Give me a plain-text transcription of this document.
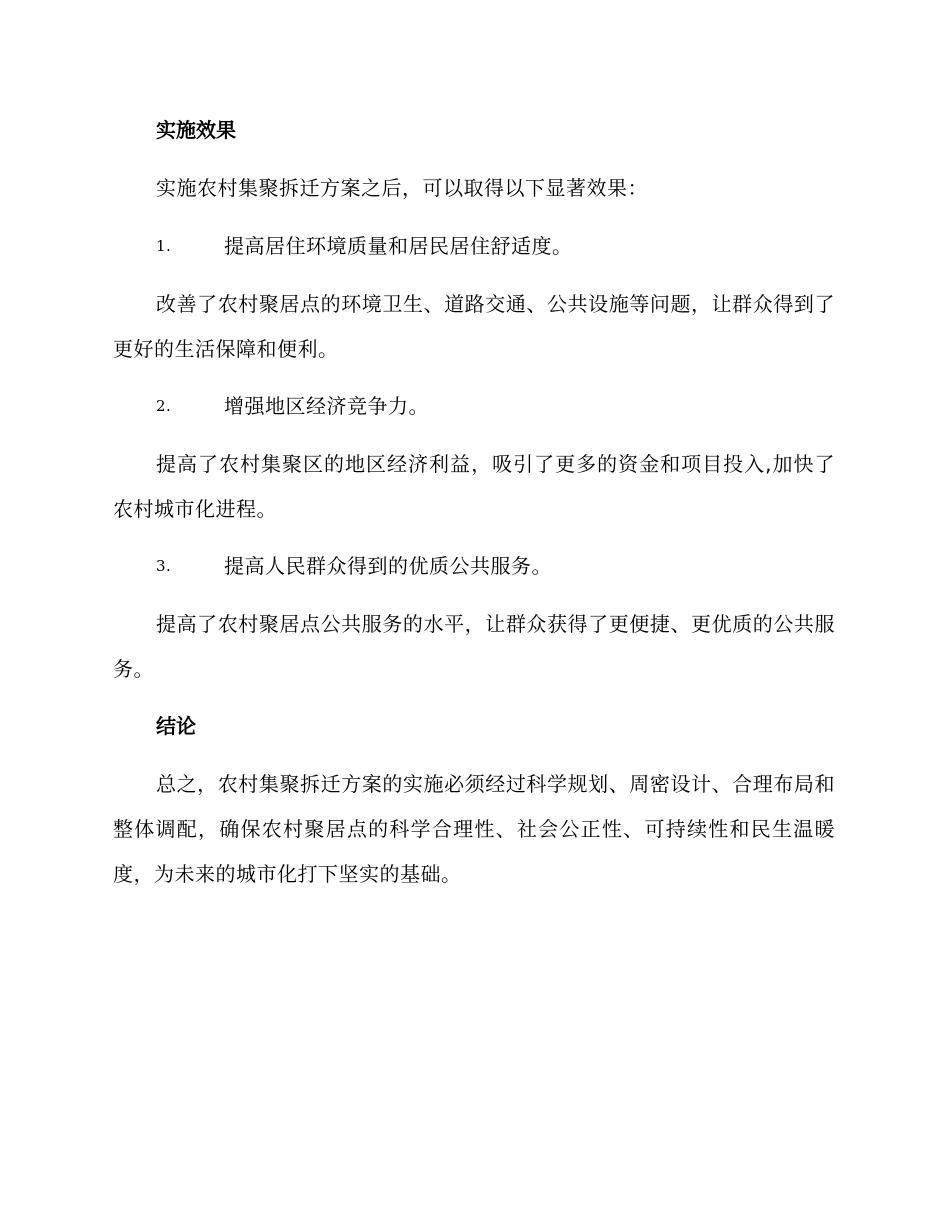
实施效果

实施农村集聚拆迁方案之后，可以取得以下显著效果：

1.	提高居住环境质量和居民居住舒适度。

改善了农村聚居点的环境卫生、道路交通、公共设施等问题，让群众得到了更好的生活保障和便利。

2.	增强地区经济竞争力。

提高了农村集聚区的地区经济利益，吸引了更多的资金和项目投入,加快了农村城市化进程。

3.	提高人民群众得到的优质公共服务。

提高了农村聚居点公共服务的水平，让群众获得了更便捷、更优质的公共服务。

结论

总之，农村集聚拆迁方案的实施必须经过科学规划、周密设计、合理布局和整体调配，确保农村聚居点的科学合理性、社会公正性、可持续性和民生温暖度，为未来的城市化打下坚实的基础。
